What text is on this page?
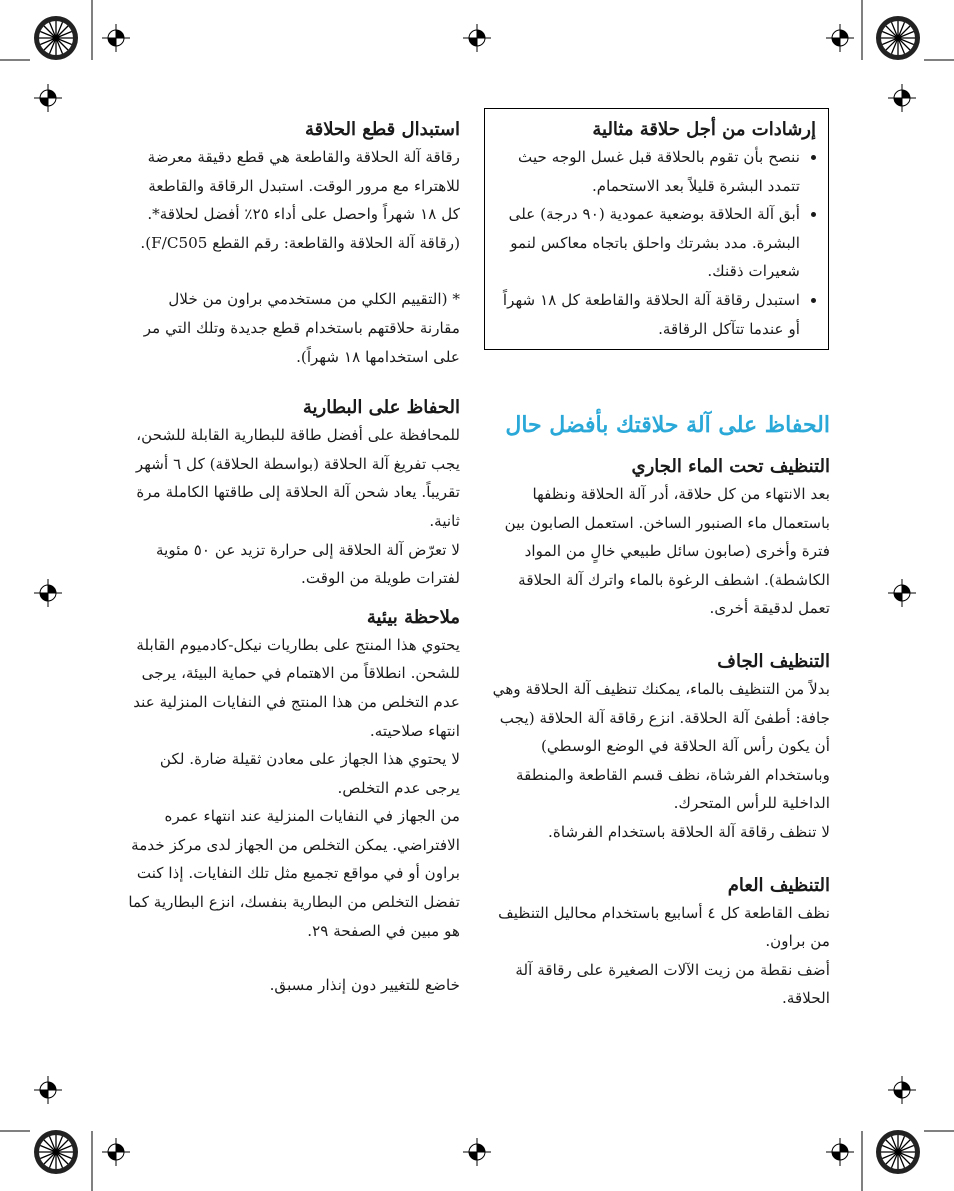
إرشادات من أجل حلاقة مثالية
• ننصح بأن تقوم بالحلاقة قبل غسل الوجه حيث تتمدد البشرة قليلاً بعد الاستحمام.
• أبق آلة الحلاقة بوضعية عمودية (٩٠ درجة) على البشرة. مدد بشرتك واحلق باتجاه معاكس لنمو شعيرات ذقنك.
• استبدل رقاقة آلة الحلاقة والقاطعة كل ١٨ شهراً أو عندما تتآكل الرقاقة.
الحفاظ على آلة حلاقتك بأفضل حال
التنظيف تحت الماء الجاري

بعد الانتهاء من كل حلاقة، أدر آلة الحلاقة ونظفها باستعمال ماء الصنبور الساخن. استعمل الصابون بين فترة وأخرى (صابون سائل طبيعي خالٍ من المواد الكاشطة). اشطف الرغوة بالماء واترك آلة الحلاقة تعمل لدقيقة أخرى.

التنظيف الجاف

بدلاً من التنظيف بالماء، يمكنك تنظيف آلة الحلاقة وهي جافة: أطفئ آلة الحلاقة. انزع رقاقة آلة الحلاقة (يجب أن يكون رأس آلة الحلاقة في الوضع الوسطي) وباستخدام الفرشاة، نظف قسم القاطعة والمنطقة الداخلية للرأس المتحرك.

لا تنظف رقاقة آلة الحلاقة باستخدام الفرشاة.

التنظيف العام

نظف القاطعة كل ٤ أسابيع باستخدام محاليل التنظيف من براون.

أضف نقطة من زيت الآلات الصغيرة على رقاقة آلة الحلاقة.

استبدال قطع الحلاقة

رقاقة آلة الحلاقة والقاطعة هي قطع دقيقة معرضة للاهتراء مع مرور الوقت. استبدل الرقاقة والقاطعة كل ١٨ شهراً واحصل على أداء ٢٥٪ أفضل لحلاقة*. (رقاقة آلة الحلاقة والقاطعة: رقم القطع F/C505).

* (التقييم الكلي من مستخدمي براون من خلال مقارنة حلاقتهم باستخدام قطع جديدة وتلك التي مر على استخدامها ١٨ شهراً).

الحفاظ على البطارية

للمحافظة على أفضل طاقة للبطارية القابلة للشحن، يجب تفريغ آلة الحلاقة (بواسطة الحلاقة) كل ٦ أشهر تقريباً. يعاد شحن آلة الحلاقة إلى طاقتها الكاملة مرة ثانية.

لا تعرّض آلة الحلاقة إلى حرارة تزيد عن ٥٠ مئوية لفترات طويلة من الوقت.

ملاحظة بيئية

يحتوي هذا المنتج على بطاريات نيكل-كادميوم القابلة للشحن. انطلاقاً من الاهتمام في حماية البيئة، يرجى عدم التخلص من هذا المنتج في النفايات المنزلية عند انتهاء صلاحيته.

لا يحتوي هذا الجهاز على معادن ثقيلة ضارة. لكن يرجى عدم التخلص.

من الجهاز في النفايات المنزلية عند انتهاء عمره الافتراضي. يمكن التخلص من الجهاز لدى مركز خدمة براون أو في مواقع تجميع مثل تلك النفايات. إذا كنت تفضل التخلص من البطارية بنفسك، انزع البطارية كما هو مبين في الصفحة ٢٩.

خاضع للتغيير دون إنذار مسبق.
